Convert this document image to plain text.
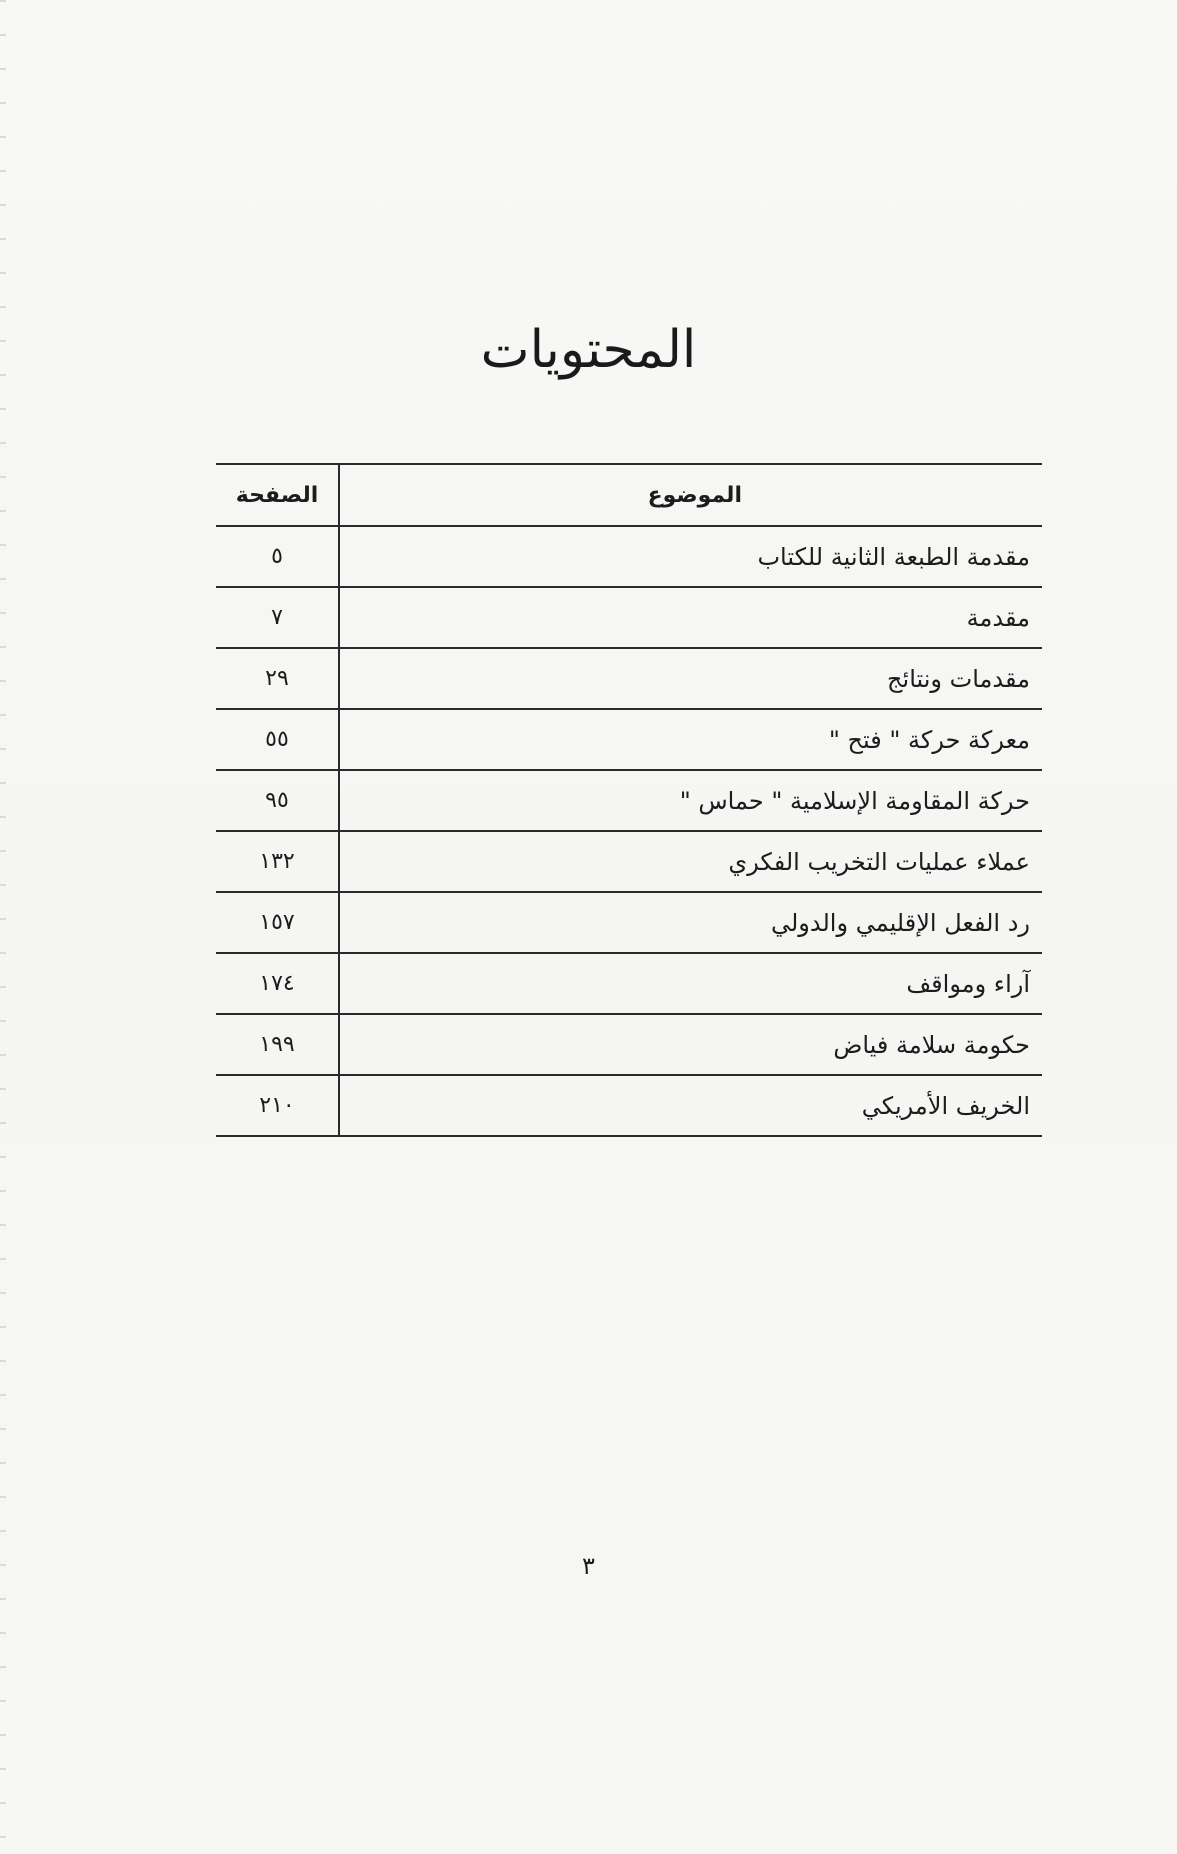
المحتويات
الموضوع	الصفحة
مقدمة الطبعة الثانية للكتاب	٥
مقدمة	٧
مقدمات ونتائج	٢٩
معركة حركة " فتح "	٥٥
حركة المقاومة الإسلامية " حماس "	٩٥
عملاء عمليات التخريب الفكري	١٣٢
رد الفعل الإقليمي والدولي	١٥٧
آراء ومواقف	١٧٤
حكومة سلامة فياض	١٩٩
الخريف الأمريكي	٢١٠
٣
